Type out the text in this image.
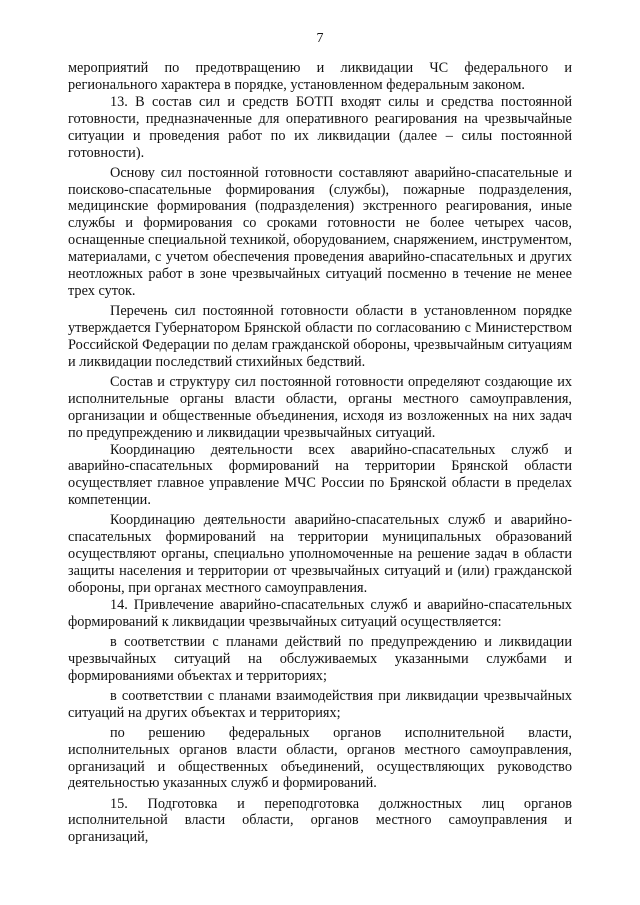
7

мероприятий по предотвращению и ликвидации ЧС федерального и регионального характера в порядке, установленном федеральным законом.

13. В состав сил и средств БОТП входят силы и средства постоянной готовности, предназначенные для оперативного реагирования на чрезвычайные ситуации и проведения работ по их ликвидации (далее – силы постоянной готовности).

Основу сил постоянной готовности составляют аварийно-спасательные и поисково-спасательные формирования (службы), пожарные подразделения, медицинские формирования (подразделения) экстренного реагирования, иные службы и формирования со сроками готовности не более четырех часов, оснащенные специальной техникой, оборудованием, снаряжением, инструментом, материалами, с учетом обеспечения проведения аварийно-спасательных и других неотложных работ в зоне чрезвычайных ситуаций посменно в течение не менее трех суток.

Перечень сил постоянной готовности области в установленном порядке утверждается Губернатором Брянской области по согласованию с Министерством Российской Федерации по делам гражданской обороны, чрезвычайным ситуациям и ликвидации последствий стихийных бедствий.

Состав и структуру сил постоянной готовности определяют создающие их исполнительные органы власти области, органы местного самоуправления, организации и общественные объединения, исходя из возложенных на них задач по предупреждению и ликвидации чрезвычайных ситуаций.

Координацию деятельности всех аварийно-спасательных служб и аварийно-спасательных формирований на территории Брянской области осуществляет главное управление МЧС России по Брянской области в пределах компетенции.

Координацию деятельности аварийно-спасательных служб и аварийно-спасательных формирований на территории муниципальных образований осуществляют органы, специально уполномоченные на решение задач в области защиты населения и территории от чрезвычайных ситуаций и (или) гражданской обороны, при органах местного самоуправления.

14. Привлечение аварийно-спасательных служб и аварийно-спасательных формирований к ликвидации чрезвычайных ситуаций осуществляется:

в соответствии с планами действий по предупреждению и ликвидации чрезвычайных ситуаций на обслуживаемых указанными службами и формированиями объектах и территориях;

в соответствии с планами взаимодействия при ликвидации чрезвычайных ситуаций на других объектах и территориях;

по решению федеральных органов исполнительной власти, исполнительных органов власти области, органов местного самоуправления, организаций и общественных объединений, осуществляющих руководство деятельностью указанных служб и формирований.

15. Подготовка и переподготовка должностных лиц органов исполнительной власти области, органов местного самоуправления и организаций,
